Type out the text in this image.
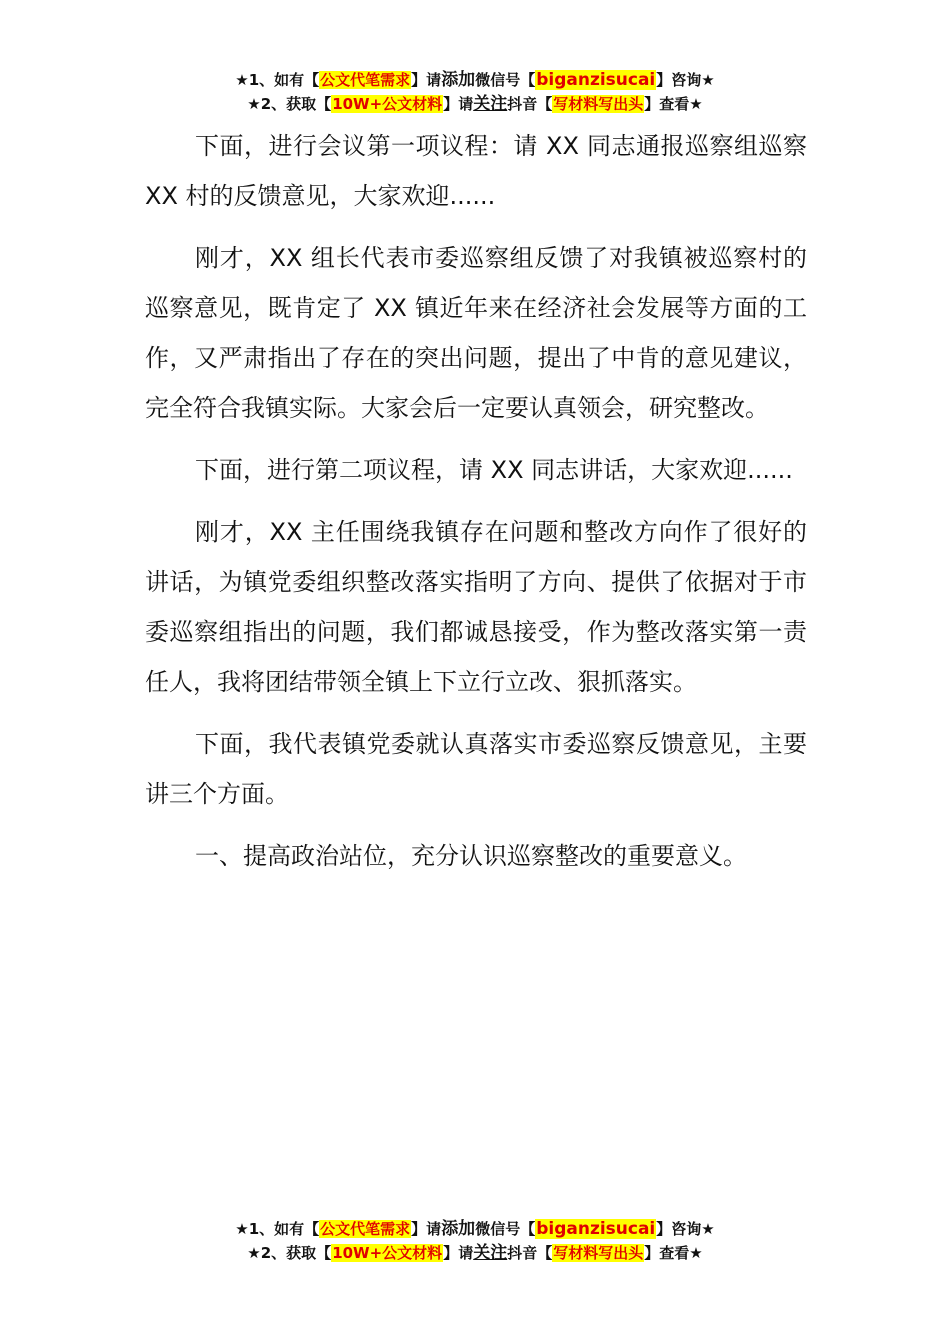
★1、如有【公文代笔需求】请添加微信号【biganzisucai】咨询★
★2、获取【10W+公文材料】请关注抖音【写材料写出头】查看★

下面，进行会议第一项议程：请 XX 同志通报巡察组巡察 XX 村的反馈意见，大家欢迎......

刚才，XX 组长代表市委巡察组反馈了对我镇被巡察村的巡察意见，既肯定了 XX 镇近年来在经济社会发展等方面的工作，又严肃指出了存在的突出问题，提出了中肯的意见建议，完全符合我镇实际。大家会后一定要认真领会，研究整改。

下面，进行第二项议程，请 XX 同志讲话，大家欢迎......

刚才，XX 主任围绕我镇存在问题和整改方向作了很好的讲话，为镇党委组织整改落实指明了方向、提供了依据对于市委巡察组指出的问题，我们都诚恳接受，作为整改落实第一责任人，我将团结带领全镇上下立行立改、狠抓落实。

下面，我代表镇党委就认真落实市委巡察反馈意见，主要讲三个方面。

一、提高政治站位，充分认识巡察整改的重要意义。

★1、如有【公文代笔需求】请添加微信号【biganzisucai】咨询★
★2、获取【10W+公文材料】请关注抖音【写材料写出头】查看★
